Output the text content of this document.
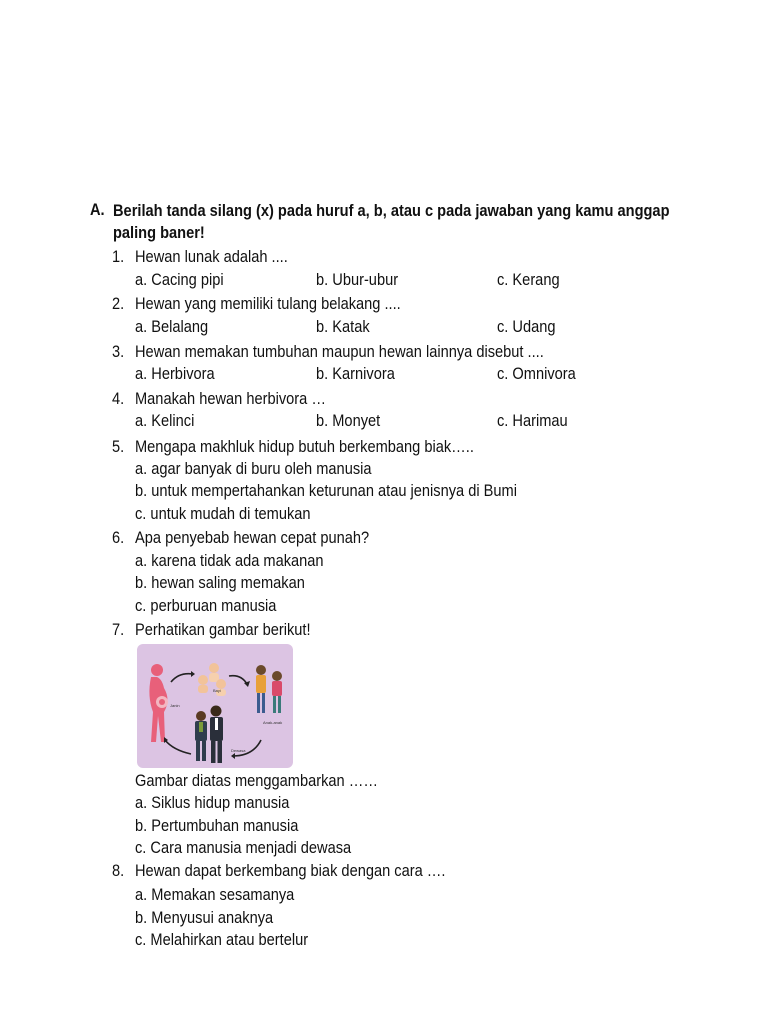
A. Berilah tanda silang (x) pada huruf a, b, atau c pada jawaban yang kamu anggap
paling baner!
1. Hewan lunak adalah ....
a. Cacing pipi	b. Ubur-ubur	c. Kerang
2. Hewan yang memiliki tulang belakang ....
a. Belalang	b. Katak	c. Udang
3. Hewan memakan tumbuhan maupun hewan lainnya disebut ....
a. Herbivora	b. Karnivora	c. Omnivora
4. Manakah hewan herbivora …
a. Kelinci	b. Monyet	c. Harimau
5. Mengapa makhluk hidup butuh berkembang biak…..
a. agar banyak di buru oleh manusia
b. untuk mempertahankan keturunan atau jenisnya di Bumi
c. untuk mudah di temukan
6. Apa penyebab hewan cepat punah?
a. karena tidak ada makanan
b. hewan saling memakan
c. perburuan manusia
7. Perhatikan gambar berikut!
Janin
Bayi
Anak-anak
Dewasa
Gambar diatas menggambarkan ……
a. Siklus hidup manusia
b. Pertumbuhan manusia
c. Cara manusia menjadi dewasa
8. Hewan dapat berkembang biak dengan cara ….
a. Memakan sesamanya
b. Menyusui anaknya
c. Melahirkan atau bertelur
